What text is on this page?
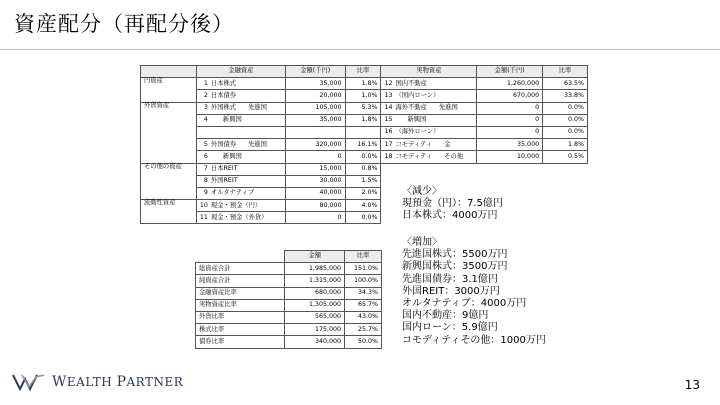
資産配分（再配分後）
	金融資産	金額(千円)	比率	実物資産	金額(千円)	比率
円資産	1 日本株式	35,000	1.8%	12 国内不動産	1,260,000	63.5%
	2 日本債券	20,000	1.0%	13 （国内ローン）	670,000	33.8%
外貨資産	3 外国株式 先進国	105,000	5.3%	14 海外不動産 先進国	0	0.0%
	4 新興国	35,000	1.8%	15 新興国	0	0.0%
				16 （海外ローン）	0	0.0%
	5 外国債券 先進国	320,000	16.1%	17 コモディティ 金	35,000	1.8%
	6 新興国	0	0.0%	18 コモディティ その他	10,000	0.5%
その他の資産	7 日本REIT	15,000	0.8%			
	8 外国REIT	30,000	1.5%			
	9 オルタナティブ	40,000	2.0%			
流動性資産	10 現金・預金（円）	80,000	4.0%			
	11 現金・預金（外貨）	0	0.0%			
	金額	比率
総資産合計	1,985,000	151.0%
純資産合計	1,315,000	100.0%
金融資産比率	680,000	34.3%
実物資産比率	1,305,000	65.7%
外貨比率	565,000	43.0%
株式比率	175,000	25.7%
債券比率	340,000	50.0%
〈減少〉
現預金（円）：7.5億円
日本株式：4000万円
〈増加〉
先進国株式：5500万円
新興国株式：3500万円
先進国債券：3.1億円
外国REIT：3000万円
オルタナティブ：4000万円
国内不動産：9億円
国内ローン：5.9億円
コモディティその他：1000万円
WEALTH PARTNER	13
